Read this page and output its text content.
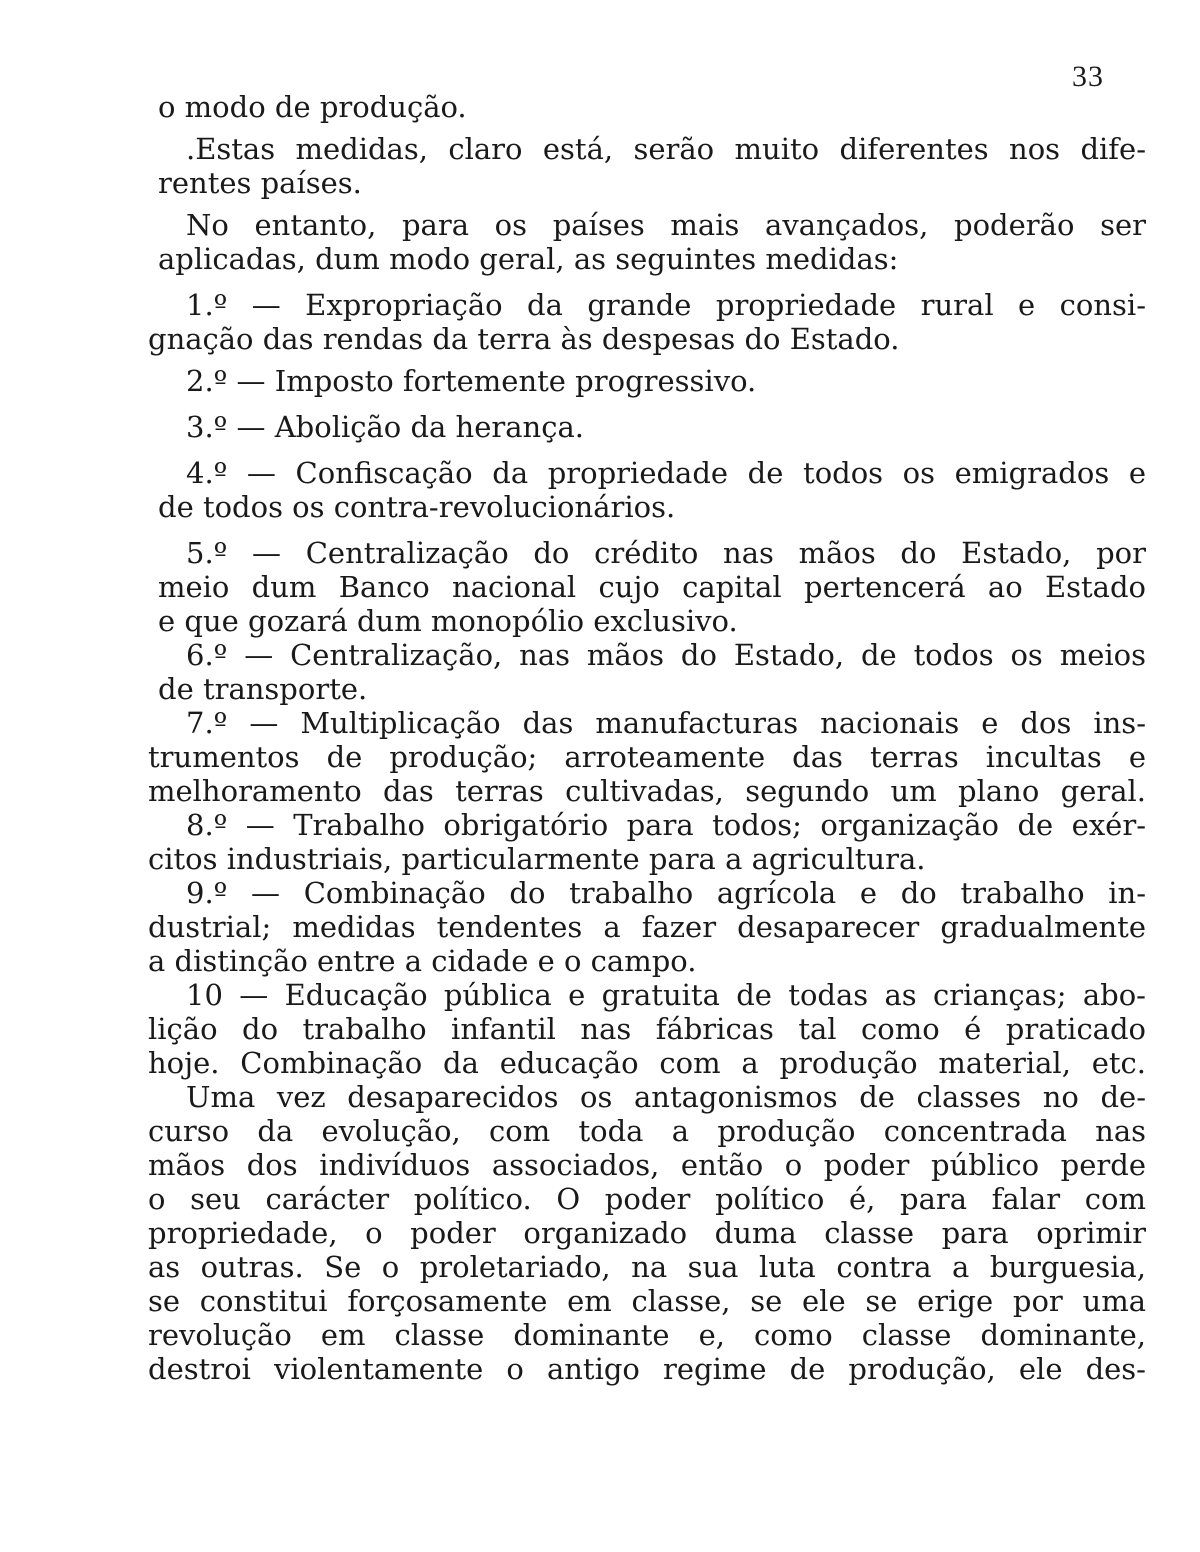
33
o modo de produção.
.Estas medidas, claro está, serão muito diferentes nos dife-
rentes países.
No entanto, para os países mais avançados, poderão ser
aplicadas, dum modo geral, as seguintes medidas:
1.º — Expropriação da grande propriedade rural e consi-
gnação das rendas da terra às despesas do Estado.
2.º — Imposto fortemente progressivo.
3.º — Abolição da herança.
4.º — Confiscação da propriedade de todos os emigrados e
de todos os contra-revolucionários.
5.º — Centralização do crédito nas mãos do Estado, por
meio dum Banco nacional cujo capital pertencerá ao Estado
e que gozará dum monopólio exclusivo.
6.º — Centralização, nas mãos do Estado, de todos os meios
de transporte.
7.º — Multiplicação das manufacturas nacionais e dos ins-
trumentos de produção; arroteamente das terras incultas e
melhoramento das terras cultivadas, segundo um plano geral.
8.º — Trabalho obrigatório para todos; organização de exér-
citos industriais, particularmente para a agricultura.
9.º — Combinação do trabalho agrícola e do trabalho in-
dustrial; medidas tendentes a fazer desaparecer gradualmente
a distinção entre a cidade e o campo.
10 — Educação pública e gratuita de todas as crianças; abo-
lição do trabalho infantil nas fábricas tal como é praticado
hoje. Combinação da educação com a produção material, etc.
Uma vez desaparecidos os antagonismos de classes no de-
curso da evolução, com toda a produção concentrada nas
mãos dos indivíduos associados, então o poder público perde
o seu carácter político. O poder político é, para falar com
propriedade, o poder organizado duma classe para oprimir
as outras. Se o proletariado, na sua luta contra a burguesia,
se constitui forçosamente em classe, se ele se erige por uma
revolução em classe dominante e, como classe dominante,
destroi violentamente o antigo regime de produção, ele des-
